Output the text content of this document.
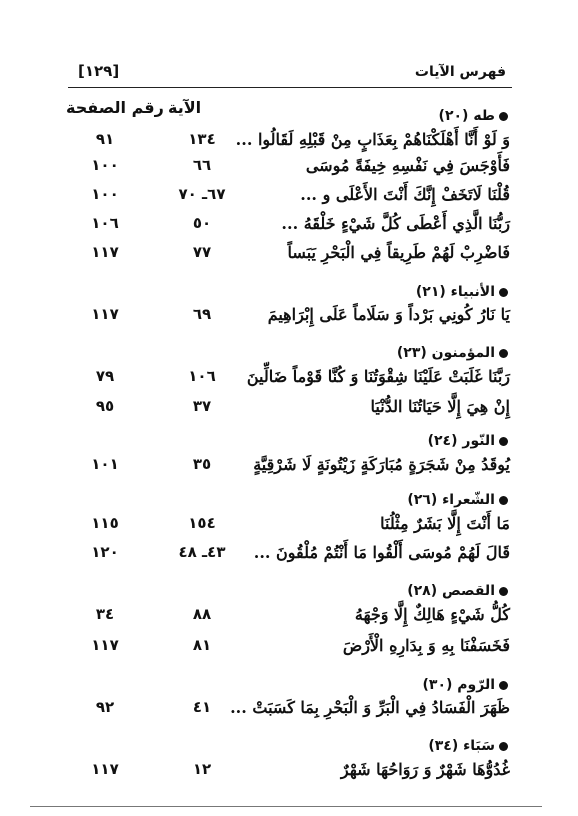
[١٢٩]	فهرس الآيات
رقم الصفحة الآية	طه (٢٠)
وَ لَوْ أَنَّا أَهْلَكْنَاهُمْ بِعَذَابٍ مِنْ قَبْلِهِ لَقَالُوا ...
١٣٤
٩١
فَأَوْجَسَ فِي نَفْسِهِ خِيفَةً مُوسَى
٦٦
١٠٠
قُلْنَا لَاتَخَفْ إِنَّكَ أَنْتَ الأَعْلَى و ...
٦٧ـ ٧٠
١٠٠
رَبُّنَا الَّذِي أَعْطَى كُلَّ شَيْءٍ خَلْقَهُ ...
٥٠
١٠٦
فَاضْرِبْ لَهُمْ طَرِيقاً فِي الْبَحْرِ يَبَساً
٧٧
١١٧
الأنبياء (٢١)
يَا نَارُ كُونِي بَرْداً وَ سَلَاماً عَلَى إِبْرَاهِيمَ
٦٩
١١٧
المؤمنون (٢٣)
رَبَّنَا غَلَبَتْ عَلَيْنَا شِقْوَتُنَا وَ كُنَّا قَوْماً ضَالِّينَ
١٠٦
٧٩
إِنْ هِيَ إِلَّا حَيَاتُنَا الدُّنْيَا
٣٧
٩٥
النّور (٢٤)
يُوقَدُ مِنْ شَجَرَةٍ مُبَارَكَةٍ زَيْتُونَةٍ لَا شَرْقِيَّةٍ
٣٥
١٠١
الشّعراء (٢٦)
مَا أَنْتَ إِلَّا بَشَرٌ مِثْلُنَا
١٥٤
١١٥
قَالَ لَهُمْ مُوسَى أَلْقُوا مَا أَنْتُمْ مُلْقُونَ ...
٤٣ـ ٤٨
١٢٠
القصص (٢٨)
كُلُّ شَيْءٍ هَالِكٌ إِلَّا وَجْهَهُ
٨٨
٣٤
فَخَسَفْنَا بِهِ وَ بِدَارِهِ الْأَرْضَ
٨١
١١٧
الرّوم (٣٠)
ظَهَرَ الْفَسَادُ فِي الْبَرِّ وَ الْبَحْرِ بِمَا كَسَبَتْ ...
٤١
٩٢
سَبَاء (٣٤)
غُدُوُّهَا شَهْرٌ وَ رَوَاحُهَا شَهْرٌ
١٢
١١٧
